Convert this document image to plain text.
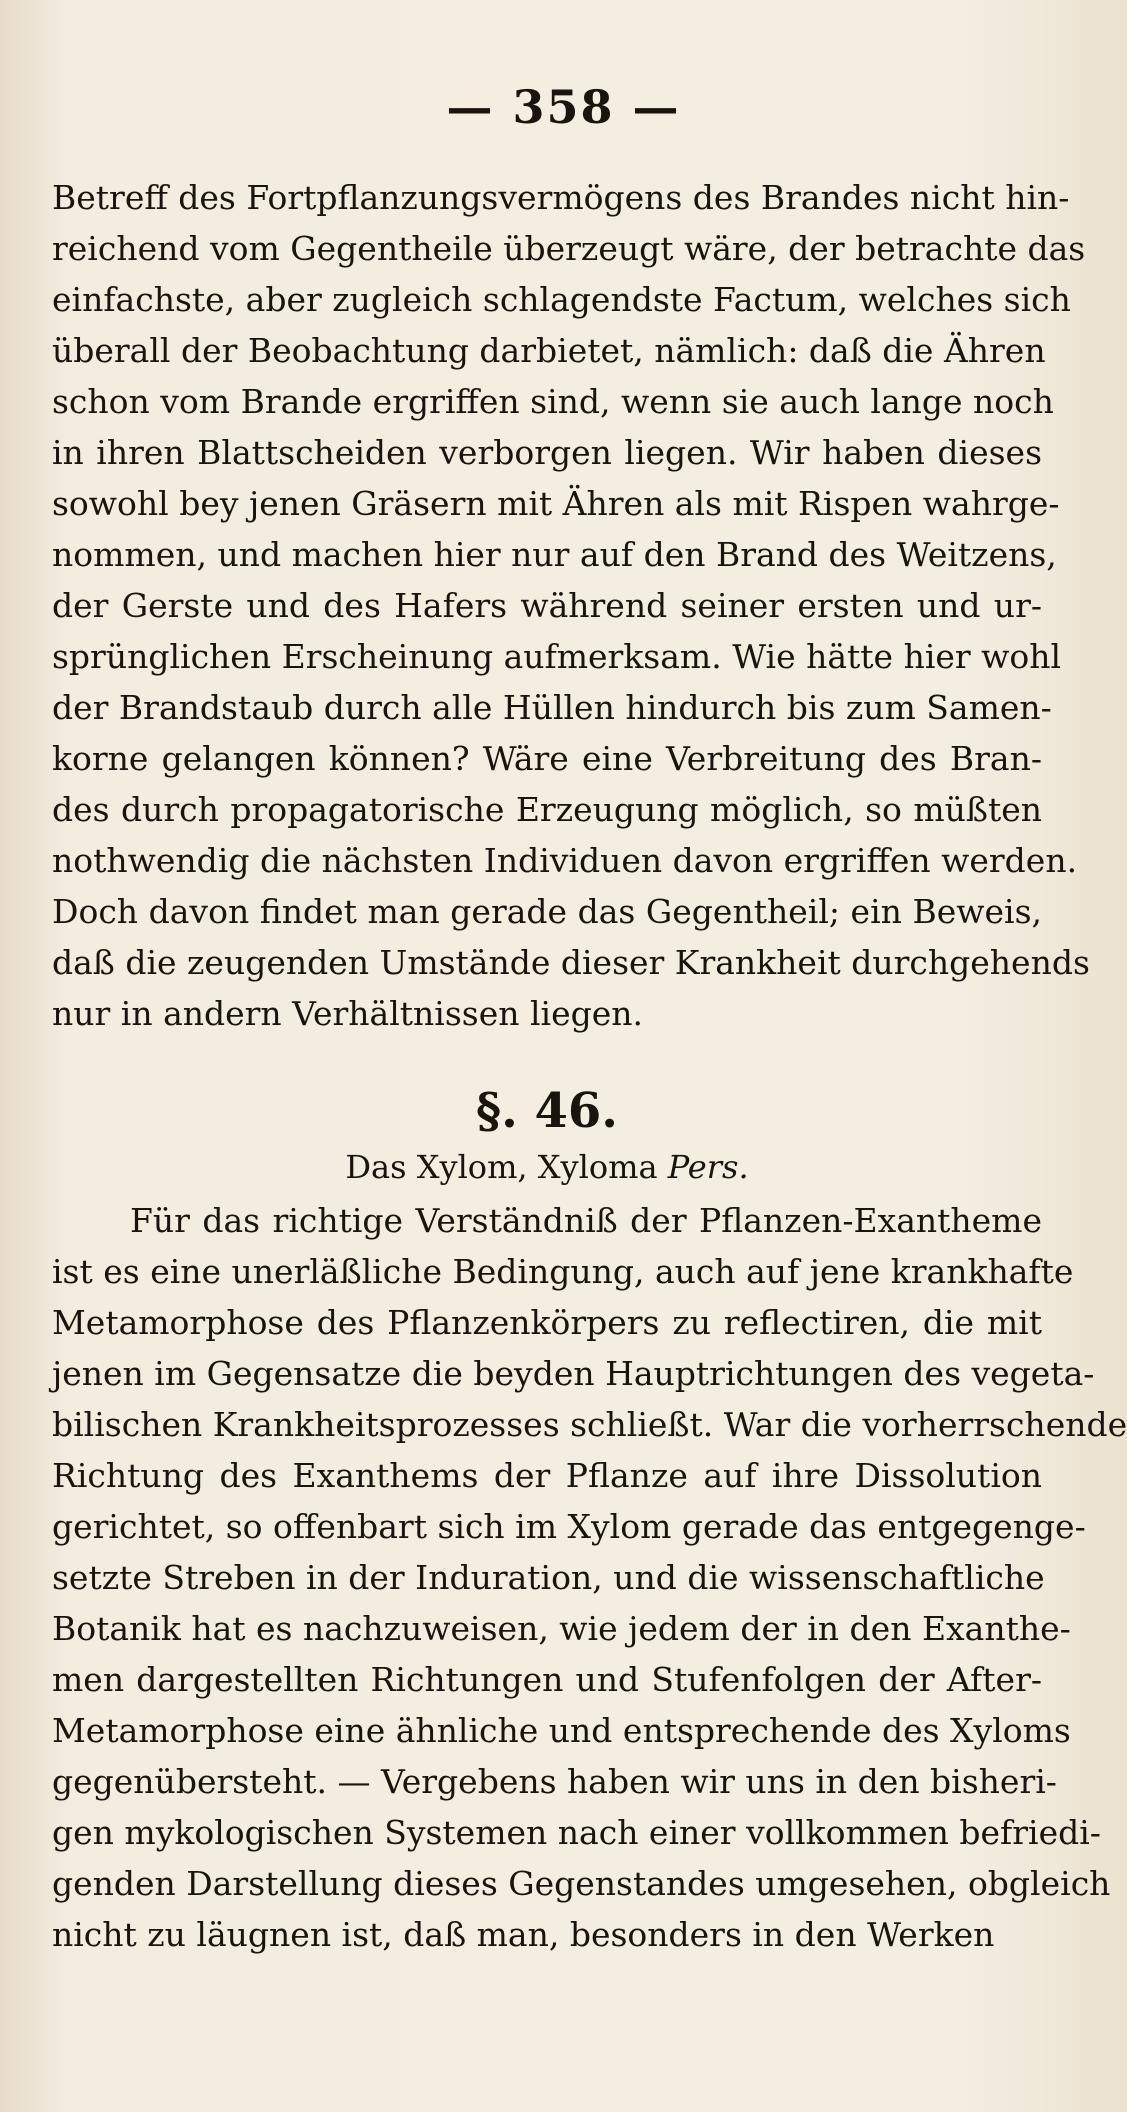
— 358 —
Betreff des Fortpflanzungsvermögens des Brandes nicht hin-
reichend vom Gegentheile überzeugt wäre, der betrachte das
einfachste, aber zugleich schlagendste Factum, welches sich
überall der Beobachtung darbietet, nämlich: daß die Ähren
schon vom Brande ergriffen sind, wenn sie auch lange noch
in ihren Blattscheiden verborgen liegen. Wir haben dieses
sowohl bey jenen Gräsern mit Ähren als mit Rispen wahrge-
nommen, und machen hier nur auf den Brand des Weitzens,
der Gerste und des Hafers während seiner ersten und ur-
sprünglichen Erscheinung aufmerksam. Wie hätte hier wohl
der Brandstaub durch alle Hüllen hindurch bis zum Samen-
korne gelangen können? Wäre eine Verbreitung des Bran-
des durch propagatorische Erzeugung möglich, so müßten
nothwendig die nächsten Individuen davon ergriffen werden.
Doch davon findet man gerade das Gegentheil; ein Beweis,
daß die zeugenden Umstände dieser Krankheit durchgehends
nur in andern Verhältnissen liegen.
§. 46.
Das Xylom, Xyloma Pers.
Für das richtige Verständniß der Pflanzen-Exantheme
ist es eine unerläßliche Bedingung, auch auf jene krankhafte
Metamorphose des Pflanzenkörpers zu reflectiren, die mit
jenen im Gegensatze die beyden Hauptrichtungen des vegeta-
bilischen Krankheitsprozesses schließt. War die vorherrschende
Richtung des Exanthems der Pflanze auf ihre Dissolution
gerichtet, so offenbart sich im Xylom gerade das entgegenge-
setzte Streben in der Induration, und die wissenschaftliche
Botanik hat es nachzuweisen, wie jedem der in den Exanthe-
men dargestellten Richtungen und Stufenfolgen der After-
Metamorphose eine ähnliche und entsprechende des Xyloms
gegenübersteht. — Vergebens haben wir uns in den bisheri-
gen mykologischen Systemen nach einer vollkommen befriedi-
genden Darstellung dieses Gegenstandes umgesehen, obgleich
nicht zu läugnen ist, daß man, besonders in den Werken
